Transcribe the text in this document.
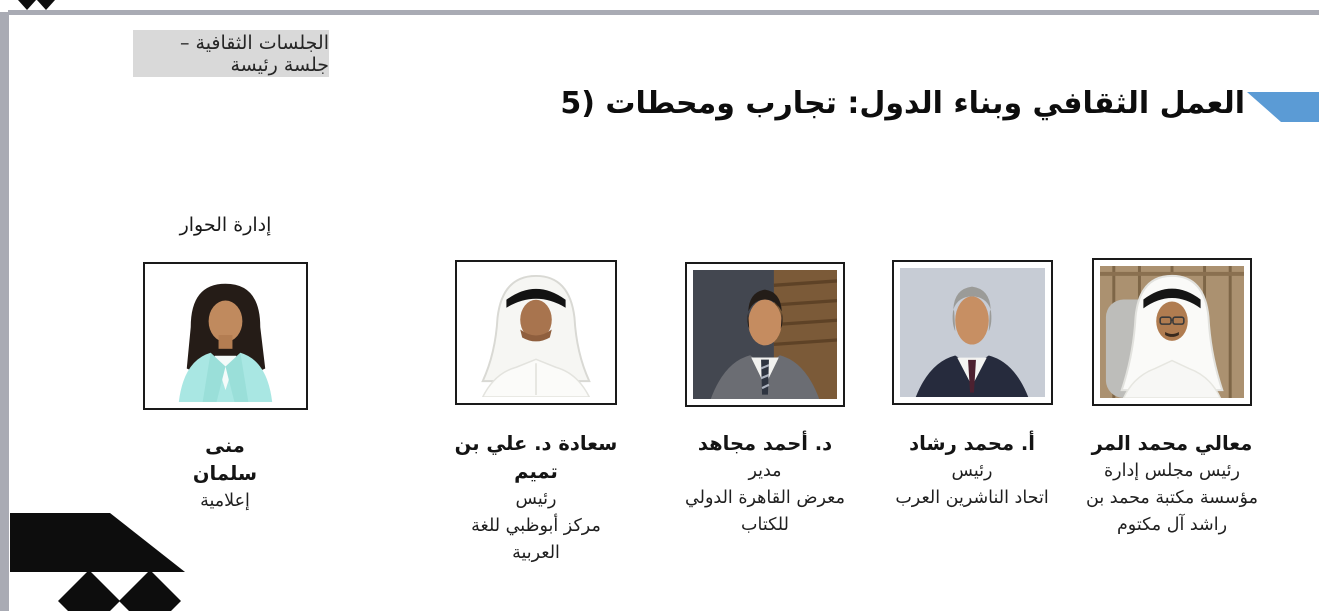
الجلسات الثقافية – جلسة رئيسة
العمل الثقافي وبناء الدول: تجارب ومحطات (5
إدارة الحوار
منى
سلمان
إعلامية
سعادة د. علي بن
تميم
رئيس
مركز أبوظبي للغة
العربية
د. أحمد مجاهد
مدير
معرض القاهرة الدولي
للكتاب
أ. محمد رشاد
رئيس
اتحاد الناشرين العرب
معالي محمد المر
رئيس مجلس إدارة
مؤسسة مكتبة محمد بن
راشد آل مكتوم
